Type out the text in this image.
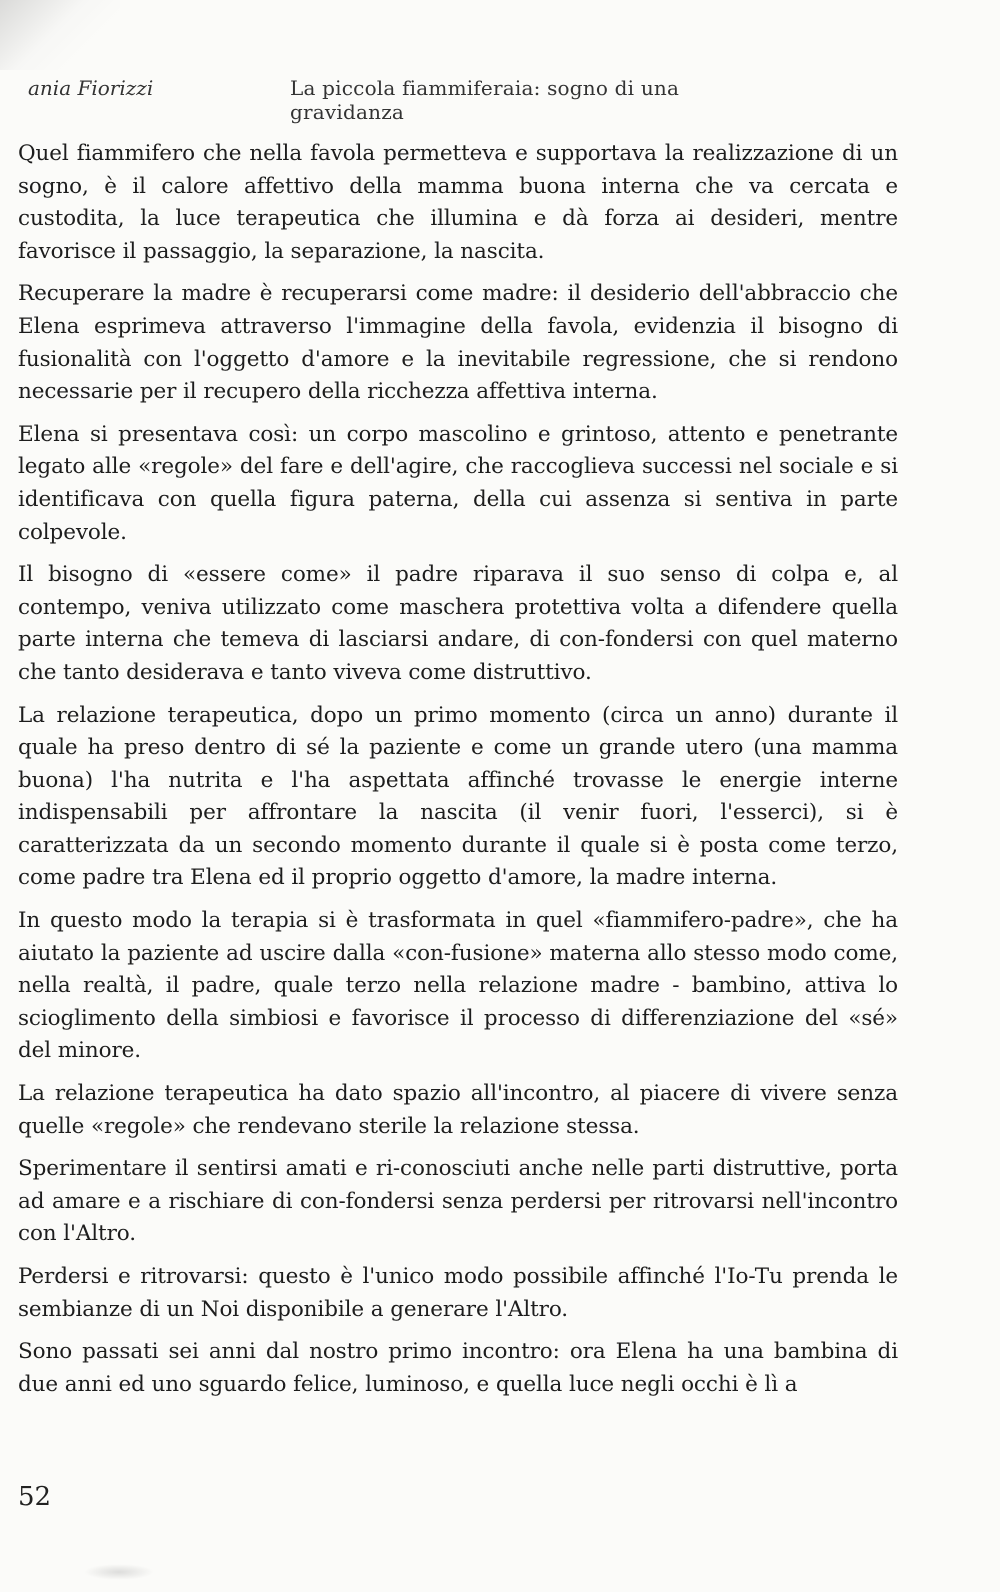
ania Fiorizzi	La piccola fiammiferaia: sogno di una gravidanza

Quel fiammifero che nella favola permetteva e supportava la realizzazione di un sogno, è il calore affettivo della mamma buona interna che va cercata e custodita, la luce terapeutica che illumina e dà forza ai desideri, mentre favorisce il passaggio, la separazione, la nascita.

Recuperare la madre è recuperarsi come madre: il desiderio dell'abbraccio che Elena esprimeva attraverso l'immagine della favola, evidenzia il bisogno di fusionalità con l'oggetto d'amore e la inevitabile regressione, che si rendono necessarie per il recupero della ricchezza affettiva interna.

Elena si presentava così: un corpo mascolino e grintoso, attento e penetrante legato alle «regole» del fare e dell'agire, che raccoglieva successi nel sociale e si identificava con quella figura paterna, della cui assenza si sentiva in parte colpevole.

Il bisogno di «essere come» il padre riparava il suo senso di colpa e, al contempo, veniva utilizzato come maschera protettiva volta a difendere quella parte interna che temeva di lasciarsi andare, di con-fondersi con quel materno che tanto desiderava e tanto viveva come distruttivo.

La relazione terapeutica, dopo un primo momento (circa un anno) durante il quale ha preso dentro di sé la paziente e come un grande utero (una mamma buona) l'ha nutrita e l'ha aspettata affinché trovasse le energie interne indispensabili per affrontare la nascita (il venir fuori, l'esserci), si è caratterizzata da un secondo momento durante il quale si è posta come terzo, come padre tra Elena ed il proprio oggetto d'amore, la madre interna.

In questo modo la terapia si è trasformata in quel «fiammifero-padre», che ha aiutato la paziente ad uscire dalla «con-fusione» materna allo stesso modo come, nella realtà, il padre, quale terzo nella relazione madre - bambino, attiva lo scioglimento della simbiosi e favorisce il processo di differenziazione del «sé» del minore.

La relazione terapeutica ha dato spazio all'incontro, al piacere di vivere senza quelle «regole» che rendevano sterile la relazione stessa.

Sperimentare il sentirsi amati e ri-conosciuti anche nelle parti distruttive, porta ad amare e a rischiare di con-fondersi senza perdersi per ritrovarsi nell'incontro con l'Altro.

Perdersi e ritrovarsi: questo è l'unico modo possibile affinché l'Io-Tu prenda le sembianze di un Noi disponibile a generare l'Altro.

Sono passati sei anni dal nostro primo incontro: ora Elena ha una bambina di due anni ed uno sguardo felice, luminoso, e quella luce negli occhi è lì a

52
